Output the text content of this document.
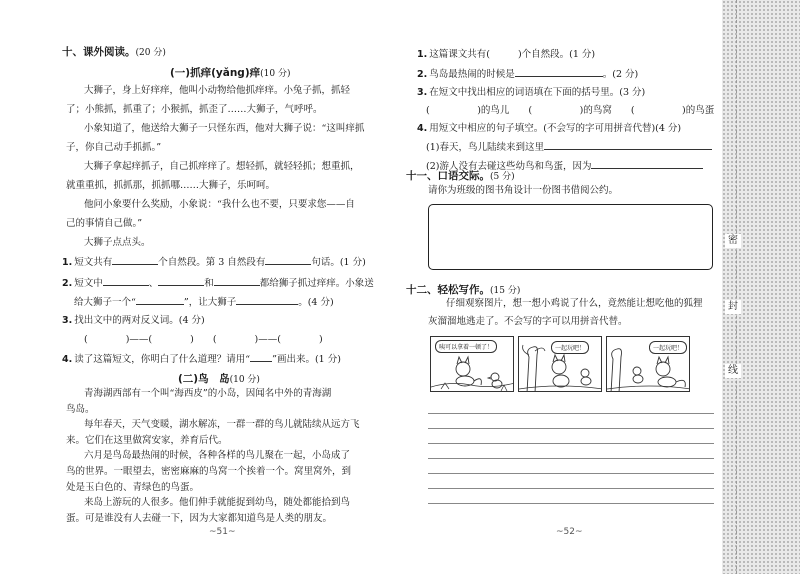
十、课外阅读。(20 分)
(一)抓痒(yǎng)痒(10 分)
大狮子，身上好痒痒，他叫小动物给他抓痒痒。小兔子抓，抓轻
了；小熊抓，抓重了；小猴抓，抓歪了……大狮子，气呼呼。
小象知道了，他送给大狮子一只怪东西，他对大狮子说：“这叫痒抓
子，你自己动手抓抓。”
大狮子拿起痒抓子，自己抓痒痒了。想轻抓，就轻轻抓；想重抓，
就重重抓，抓抓那，抓抓哪……大狮子，乐呵呵。
他问小象要什么奖励，小象说：“我什么也不要，只要求您——自
己的事情自己做。”
大狮子点点头。
1. 短文共有	个自然段。第 3 自然段有	句话。(1 分)
2. 短文中	、	和	都给狮子抓过痒痒。小象送
给大狮子一个“	”，让大狮子	。(4 分)
3. 找出文中的两对反义词。(4 分)
(　　　　)——(　　　　)　　(　　　　)——(　　　　)
4. 读了这篇短文，你明白了什么道理？请用“ ”画出来。(1 分)
(二)鸟　岛(10 分)
~51~
青海湖西部有一个叫“海西皮”的小岛，因闻名中外的青海湖
鸟岛。
每年春天，天气变暖，湖水解冻，一群一群的鸟儿就陆续从远方飞
来。它们在这里做窝安家，养育后代。
六月是鸟岛最热闹的时候，各种各样的鸟儿聚在一起，小岛成了
鸟的世界。一眼望去，密密麻麻的鸟窝一个挨着一个。窝里窝外，到
处是玉白色的、青绿色的鸟蛋。
来岛上游玩的人很多。他们伸手就能捉到幼鸟，随处都能拾到鸟
蛋。可是谁没有人去碰一下，因为大家都知道鸟是人类的朋友。
1. 这篇课文共有(	)个自然段。(1 分)
2. 鸟岛最热闹的时候是	。(2 分)
3. 在短文中找出相应的词语填在下面的括号里。(3 分)
(　　　　　)的鸟儿　　(　　　　　)的鸟窝　　(　　　　　)的鸟蛋
4. 用短文中相应的句子填空。(不会写的字可用拼音代替)(4 分)
(1)春天，鸟儿陆续来到这里
(2)游人没有去碰这些幼鸟和鸟蛋，因为
十一、口语交际。(5 分)
请你为班级的图书角设计一份图书借阅公约。
十二、轻松写作。(15 分)
仔细观察图片，想一想小鸡说了什么，竟然能让想吃他的狐狸
灰溜溜地逃走了。不会写的字可以用拼音代替。
咦可以拿着一顿了！	一起玩吧！	一起玩吧！
~52~
密
封
线
